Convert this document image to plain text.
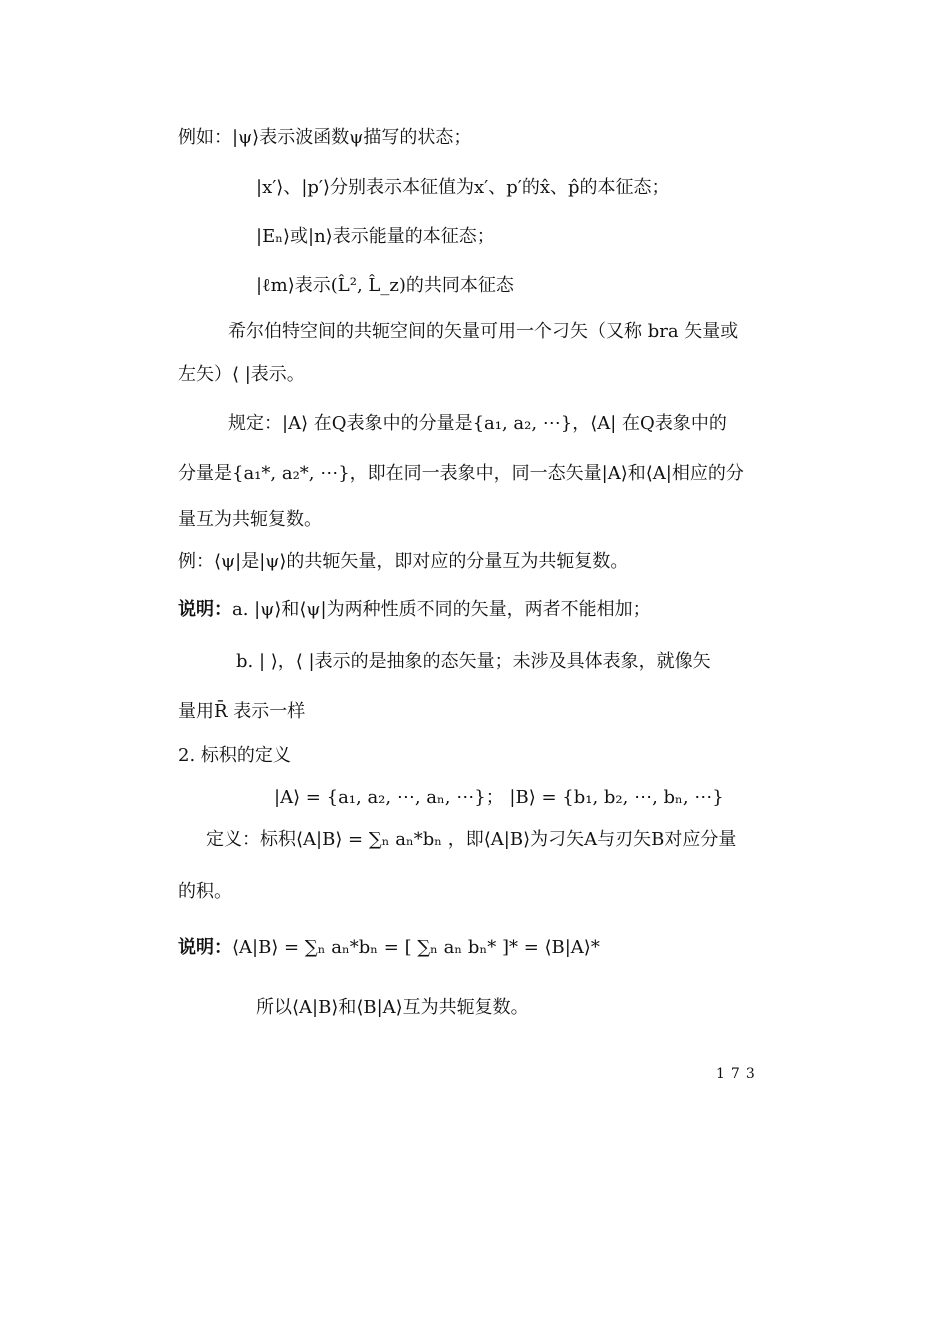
例如：|ψ⟩表示波函数ψ描写的状态；
|x′⟩、|p′⟩分别表示本征值为x′、p′的x̂、p̂的本征态；
|Eₙ⟩或|n⟩表示能量的本征态；
|ℓm⟩表示(L̂², L̂_z)的共同本征态
希尔伯特空间的共轭空间的矢量可用一个刁矢（又称 bra 矢量或
左矢）⟨ |表示。
规定：|A⟩ 在Q表象中的分量是{a₁, a₂, ⋯}，⟨A| 在Q表象中的
分量是{a₁*, a₂*, ⋯}，即在同一表象中，同一态矢量|A⟩和⟨A|相应的分
量互为共轭复数。
例：⟨ψ|是|ψ⟩的共轭矢量，即对应的分量互为共轭复数。
说明：a. |ψ⟩和⟨ψ|为两种性质不同的矢量，两者不能相加；
b. | ⟩，⟨ |表示的是抽象的态矢量；未涉及具体表象，就像矢
量用R̄ 表示一样
2. 标积的定义
|A⟩ = {a₁, a₂, ⋯, aₙ, ⋯}； |B⟩ = {b₁, b₂, ⋯, bₙ, ⋯}
定义：标积⟨A|B⟩ = ∑ₙ aₙ*bₙ ，即⟨A|B⟩为刁矢A与刃矢B对应分量
的积。
说明：⟨A|B⟩ = ∑ₙ aₙ*bₙ = [ ∑ₙ aₙ bₙ* ]* = ⟨B|A⟩*
所以⟨A|B⟩和⟨B|A⟩互为共轭复数。
173
